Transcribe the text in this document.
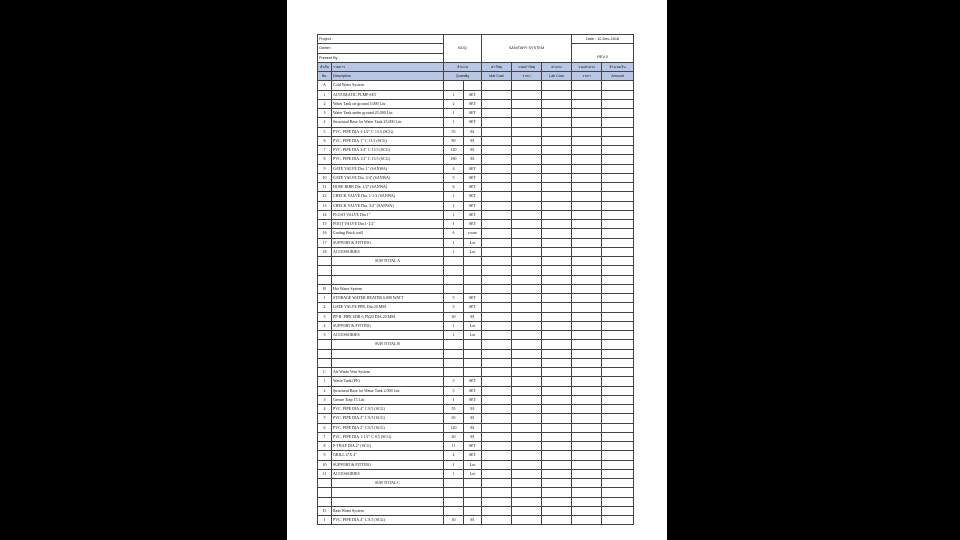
Project :							Date : 10-Dec-2018	
Owner :		BOQ		SANITARY SYSTEM				
Present By :							REV.0	
ลำดับ	รายการ	จำนวน		ค่าวัสดุ	รวมค่าวัสดุ	ค่าแรง	รวมค่าแรง	จำนวนเงิน
No.	Description	Quantity		Mat Cost	ราคา	Lab Cost	ราคา	Amount
A	Cold Water System							
1	AUTOMATIC PUMP SET	1	SET					
2	Water Tank on ground 5,000 Litr.	2	SET					
3	Water Tank under ground 25,000 Litr.	1	SET					
4	Structural Base for Water Tank 25,000 Litr.	1	SET					
5	PVC. PIPE DIA.1-1/2" C 13.5 (SCG)	55	M.					
6	PVC. PIPE DIA.1" C 13.5 (SCG)	80	M.					
7	PVC. PIPE DIA.3/4" C 13.5 (SCG)	120	M.					
8	PVC. PIPE DIA.1/2" C 13.5 (SCG)	180	M.					
9	GATE VALVE Dia. 1" (SANWA)	4	SET					
10	GATE VALVE Dia. 3/4" (SANWA)	5	SET					
11	HOSE BIBB Dia. 1/2" (SANWA)	6	SET					
12	CHECK VALVE Dia. 1-1/2 (SANWA)	1	SET					
13	CHECK VALVE Dia. 3/4" (SANWA)	2	SET					
14	FLOAT VALVE Dia.1"	1	SET					
15	FOOT VALVE Dia.1-1/2"	1	SET					
16	Cutting Brick wall	6	room					
17	SUPPORT & FITTING	1	Lot					
18	ACCESSORIES	1	Lot					
	SUB TOTAL A							

B	Hot Water System							
1	STORAGE WATER HEATER 6,000 WATT	5	SET					
2	GATE VALVE PPR. Dia.20 MM.	5	SET					
3	PP-R. PIPE SDR 6 PN20 DIA.20 MM.	30	M.					
4	SUPPORT & FITTING	1	Lot					
5	ACCESSORIES	1	Lot					
	SUB TOTAL B							

C	Air Waste Vent System							
1	Waste Tank (PE)	5	SET					
2	Structural Base for Waste Tank 2,000 Litr.	5	SET					
3	Grease Trap 15 Litr.	1	SET					
4	PVC. PIPE DIA.4" C 8.5 (SCG)	55	M.					
5	PVC. PIPE DIA.3" C 8.5 (SCG)	65	M.					
6	PVC. PIPE DIA.2" C 8.5 (SCG)	120	M.					
7	PVC. PIPE DIA.1-1/2" C 8.5 (SCG)	40	M.					
8	P-TRAP DIA.2" (SCG)	11	SET					
9	GRILL 4"X 4"	4	SET					
10	SUPPORT & FITTING	1	Lot					
11	ACCESSORIES	1	Lot					
	SUB TOTAL C							

D	Rain Water System							
1	PVC. PIPE DIA.4" C 8.5 (SCG)	30	M.					
